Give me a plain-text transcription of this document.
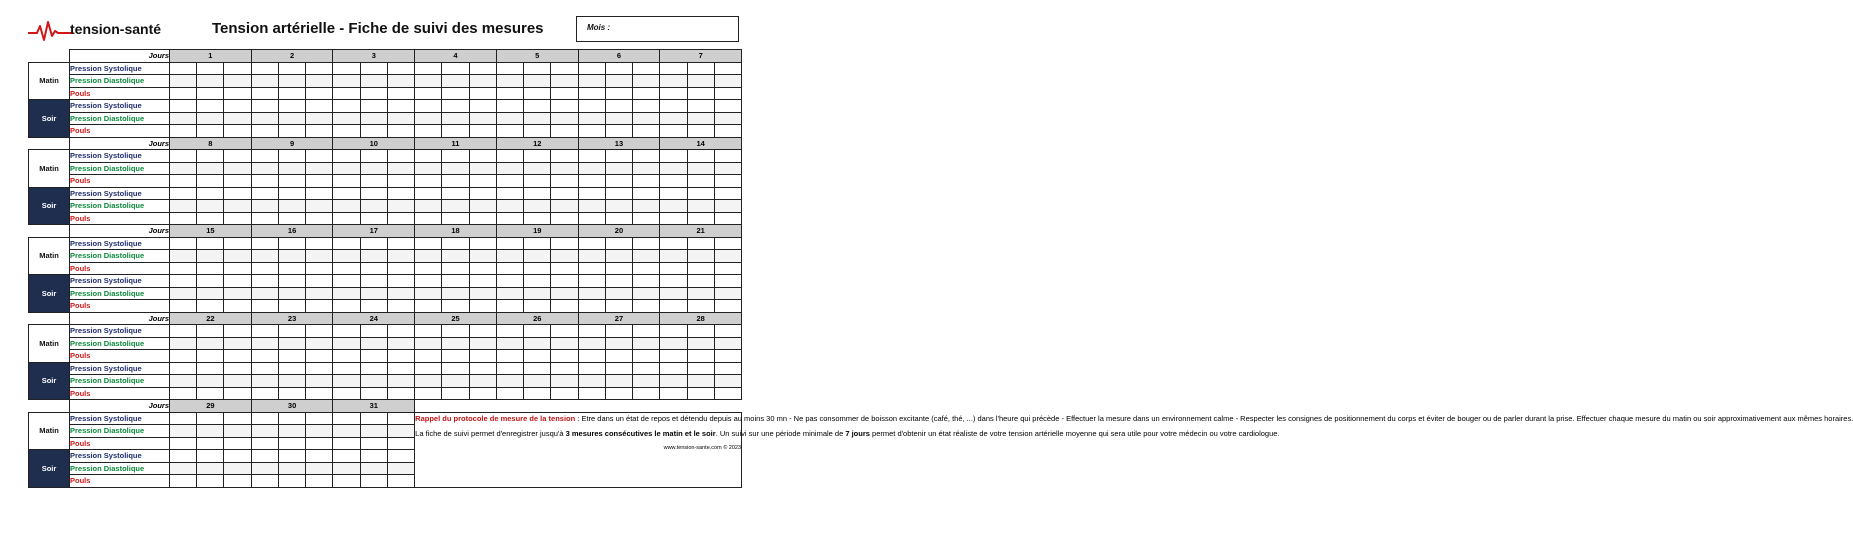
tension-santé	Tension artérielle - Fiche de suivi des mesures	Mois :
	Jours	1			2			3			4			5			6			7		
Matin	Pression Systolique																					
	Pression Diastolique																					
	Pouls																					
Soir	Pression Systolique																					
	Pression Diastolique																					
	Pouls																					
	Jours	8			9			10			11			12			13			14		
Matin	Pression Systolique																					
	Pression Diastolique																					
	Pouls																					
Soir	Pression Systolique																					
	Pression Diastolique																					
	Pouls																					
	Jours	15			16			17			18			19			20			21		
Matin	Pression Systolique																					
	Pression Diastolique																					
	Pouls																					
Soir	Pression Systolique																					
	Pression Diastolique																					
	Pouls																					
	Jours	22			23			24			25			26			27			28		
Matin	Pression Systolique																					
	Pression Diastolique																					
	Pouls																					
Soir	Pression Systolique																					
	Pression Diastolique																					
	Pouls																					
	Jours	29			30			31														
Matin	Pression Systolique										Rappel du protocole de mesure de la tension : Etre dans un état de repos et détendu depuis au moins 30 mn - Ne pas consommer de boisson excitante (café, thé, ...) dans l'heure qui précède - Effectuer la mesure dans un environnement calme - Respecter les consignes de positionnement du corps et éviter de bouger ou de parler durant la prise. Effectuer chaque mesure du matin ou soir approximativement aux mêmes horaires.

La fiche de suivi permet d'enregistrer jusqu'à 3 mesures consécutives le matin et le soir. Un suivi sur une période minimale de 7 jours permet d'obtenir un état réaliste de votre tension artérielle moyenne qui sera utile pour votre médecin ou votre cardiologue.

www.tension-sante.com © 2023											

	Pression Diastolique																					
	Pouls																					
Soir	Pression Systolique																					
	Pression Diastolique																					
	Pouls																					
